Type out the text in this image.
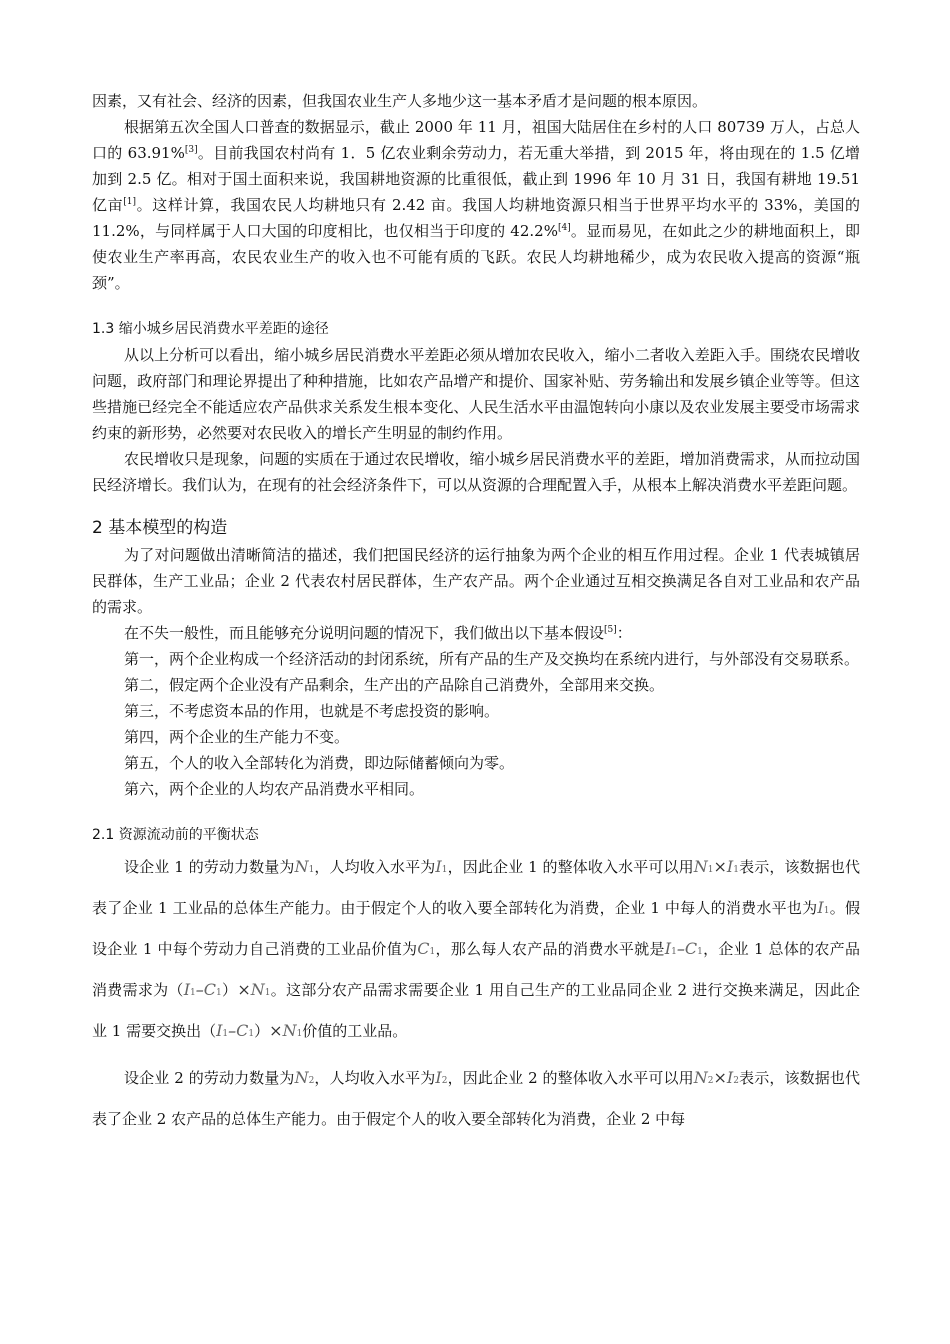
因素，又有社会、经济的因素，但我国农业生产人多地少这一基本矛盾才是问题的根本原因。

根据第五次全国人口普查的数据显示，截止 2000 年 11 月，祖国大陆居住在乡村的人口 80739 万人，占总人口的 63.91%[3]。目前我国农村尚有 1．5 亿农业剩余劳动力，若无重大举措，到 2015 年，将由现在的 1.5 亿增加到 2.5 亿。相对于国土面积来说，我国耕地资源的比重很低，截止到 1996 年 10 月 31 日，我国有耕地 19.51 亿亩[1]。这样计算，我国农民人均耕地只有 2.42 亩。我国人均耕地资源只相当于世界平均水平的 33%，美国的 11.2%，与同样属于人口大国的印度相比，也仅相当于印度的 42.2%[4]。显而易见，在如此之少的耕地面积上，即使农业生产率再高，农民农业生产的收入也不可能有质的飞跃。农民人均耕地稀少，成为农民收入提高的资源“瓶颈”。

1.3 缩小城乡居民消费水平差距的途径

从以上分析可以看出，缩小城乡居民消费水平差距必须从增加农民收入，缩小二者收入差距入手。围绕农民增收问题，政府部门和理论界提出了种种措施，比如农产品增产和提价、国家补贴、劳务输出和发展乡镇企业等等。但这些措施已经完全不能适应农产品供求关系发生根本变化、人民生活水平由温饱转向小康以及农业发展主要受市场需求约束的新形势，必然要对农民收入的增长产生明显的制约作用。

农民增收只是现象，问题的实质在于通过农民增收，缩小城乡居民消费水平的差距，增加消费需求，从而拉动国民经济增长。我们认为，在现有的社会经济条件下，可以从资源的合理配置入手，从根本上解决消费水平差距问题。

2 基本模型的构造

为了对问题做出清晰简洁的描述，我们把国民经济的运行抽象为两个企业的相互作用过程。企业 1 代表城镇居民群体，生产工业品；企业 2 代表农村居民群体，生产农产品。两个企业通过互相交换满足各自对工业品和农产品的需求。

在不失一般性，而且能够充分说明问题的情况下，我们做出以下基本假设[5]：

第一，两个企业构成一个经济活动的封闭系统，所有产品的生产及交换均在系统内进行，与外部没有交易联系。

第二，假定两个企业没有产品剩余，生产出的产品除自己消费外，全部用来交换。

第三，不考虑资本品的作用，也就是不考虑投资的影响。

第四，两个企业的生产能力不变。

第五，个人的收入全部转化为消费，即边际储蓄倾向为零。

第六，两个企业的人均农产品消费水平相同。

2.1 资源流动前的平衡状态

设企业 1 的劳动力数量为N1，人均收入水平为I1，因此企业 1 的整体收入水平可以用N1×I1表示，该数据也代表了企业 1 工业品的总体生产能力。由于假定个人的收入要全部转化为消费，企业 1 中每人的消费水平也为I1。假设企业 1 中每个劳动力自己消费的工业品价值为C1，那么每人农产品的消费水平就是I1–C1，企业 1 总体的农产品消费需求为（I1–C1）×N1。这部分农产品需求需要企业 1 用自己生产的工业品同企业 2 进行交换来满足，因此企业 1 需要交换出（I1–C1）×N1价值的工业品。

设企业 2 的劳动力数量为N2，人均收入水平为I2，因此企业 2 的整体收入水平可以用N2×I2表示，该数据也代表了企业 2 农产品的总体生产能力。由于假定个人的收入要全部转化为消费，企业 2 中每
